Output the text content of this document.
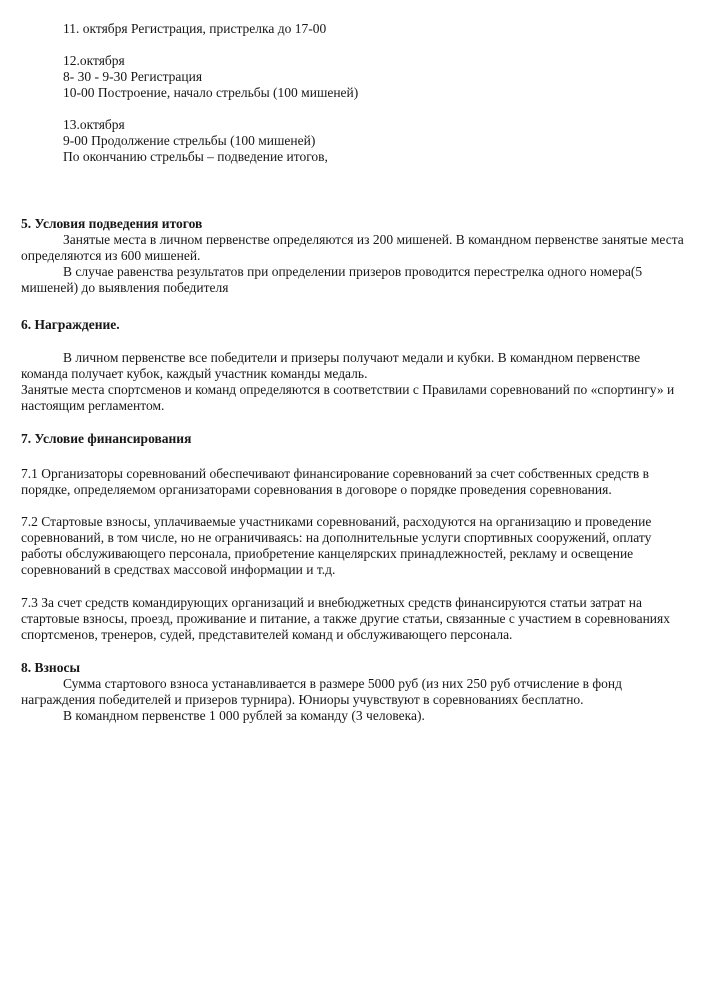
11. октября Регистрация, пристрелка до 17-00
12.октября
8- 30 - 9-30 Регистрация
10-00 Построение, начало стрельбы (100 мишеней)
13.октября
9-00 Продолжение стрельбы (100 мишеней)
По окончанию стрельбы – подведение итогов,
5. Условия подведения итогов

Занятые места в личном первенстве определяются из 200 мишеней. В командном первенстве занятые места определяются из 600 мишеней.

В случае равенства результатов при определении призеров проводится перестрелка одного номера(5 мишеней) до выявления победителя

6. Награждение.

В личном первенстве все победители и призеры получают медали и кубки. В командном первенстве команда получает кубок, каждый участник команды медаль.

Занятые места спортсменов и команд определяются в соответствии с Правилами соревнований по «спортингу» и настоящим регламентом.

7. Условие финансирования

7.1 Организаторы соревнований обеспечивают финансирование соревнований за счет собственных средств в порядке, определяемом организаторами соревнования в договоре о порядке проведения соревнования.

7.2 Стартовые взносы, уплачиваемые участниками соревнований, расходуются на организацию и проведение соревнований, в том числе, но не ограничиваясь: на дополнительные услуги спортивных сооружений, оплату работы обслуживающего персонала, приобретение канцелярских принадлежностей, рекламу и освещение соревнований в средствах массовой информации и т.д.

7.3 За счет средств командирующих организаций и внебюджетных средств финансируются статьи затрат на стартовые взносы, проезд, проживание и питание, а также другие статьи, связанные с участием в соревнованиях спортсменов, тренеров, судей, представителей команд и обслуживающего персонала.

8. Взносы

Сумма стартового взноса устанавливается в размере 5000 руб (из них 250 руб отчисление в фонд награждения победителей и призеров турнира). Юниоры учувствуют в соревнованиях бесплатно.

В командном первенстве 1 000 рублей за команду (3 человека).
